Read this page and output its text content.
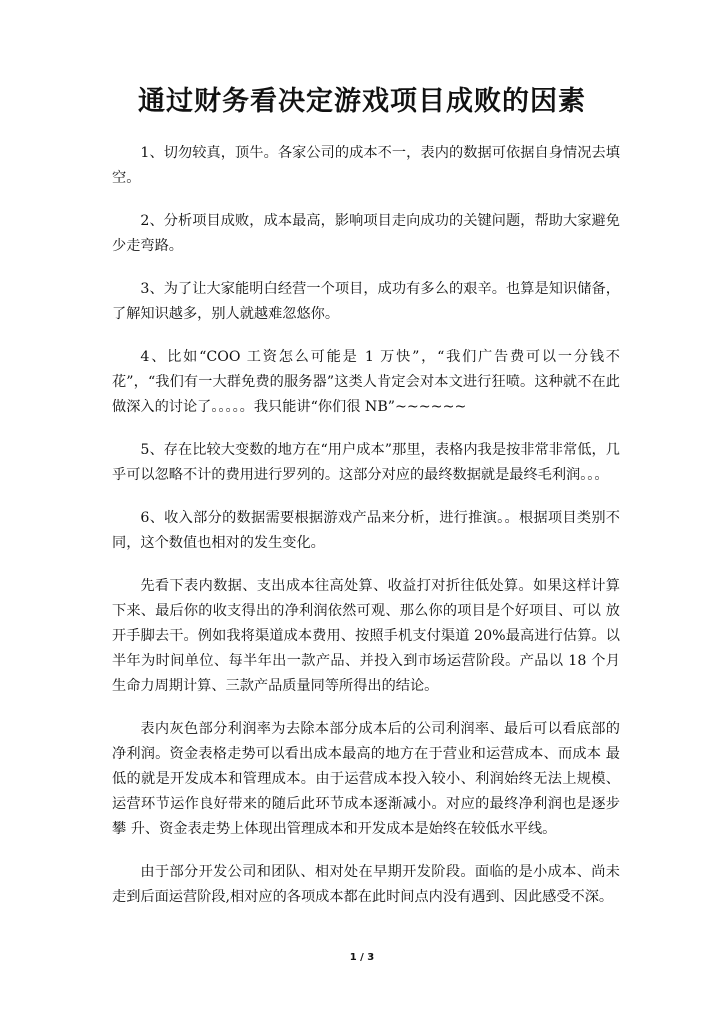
通过财务看决定游戏项目成败的因素

1、切勿较真，顶牛。各家公司的成本不一，表内的数据可依据自身情况去填空。

2、分析项目成败，成本最高，影响项目走向成功的关键问题，帮助大家避免少走弯路。

3、为了让大家能明白经营一个项目，成功有多么的艰辛。也算是知识储备，了解知识越多，别人就越难忽悠你。

4、比如“COO 工资怎么可能是 1 万快”，“我们广告费可以一分钱不花”，“我们有一大群免费的服务器”这类人肯定会对本文进行狂喷。这种就不在此做深入的讨论了。。。。。我只能讲“你们很 NB”~~~~~~

5、存在比较大变数的地方在“用户成本”那里，表格内我是按非常非常低，几乎可以忽略不计的费用进行罗列的。这部分对应的最终数据就是最终毛利润。。。

6、收入部分的数据需要根据游戏产品来分析，进行推演。。根据项目类别不同，这个数值也相对的发生变化。

先看下表内数据、支出成本往高处算、收益打对折往低处算。如果这样计算下来、最后你的收支得出的净利润依然可观、那么你的项目是个好项目、可以 放开手脚去干。例如我将渠道成本费用、按照手机支付渠道 20%最高进行估算。以半年为时间单位、每半年出一款产品、并投入到市场运营阶段。产品以 18 个月 生命力周期计算、三款产品质量同等所得出的结论。

表内灰色部分利润率为去除本部分成本后的公司利润率、最后可以看底部的净利润。资金表格走势可以看出成本最高的地方在于营业和运营成本、而成本 最低的就是开发成本和管理成本。由于运营成本投入较小、利润始终无法上规模、运营环节运作良好带来的随后此环节成本逐渐减小。对应的最终净利润也是逐步攀 升、资金表走势上体现出管理成本和开发成本是始终在较低水平线。

由于部分开发公司和团队、相对处在早期开发阶段。面临的是小成本、尚未走到后面运营阶段,相对应的各项成本都在此时间点内没有遇到、因此感受不深。

1 / 3
